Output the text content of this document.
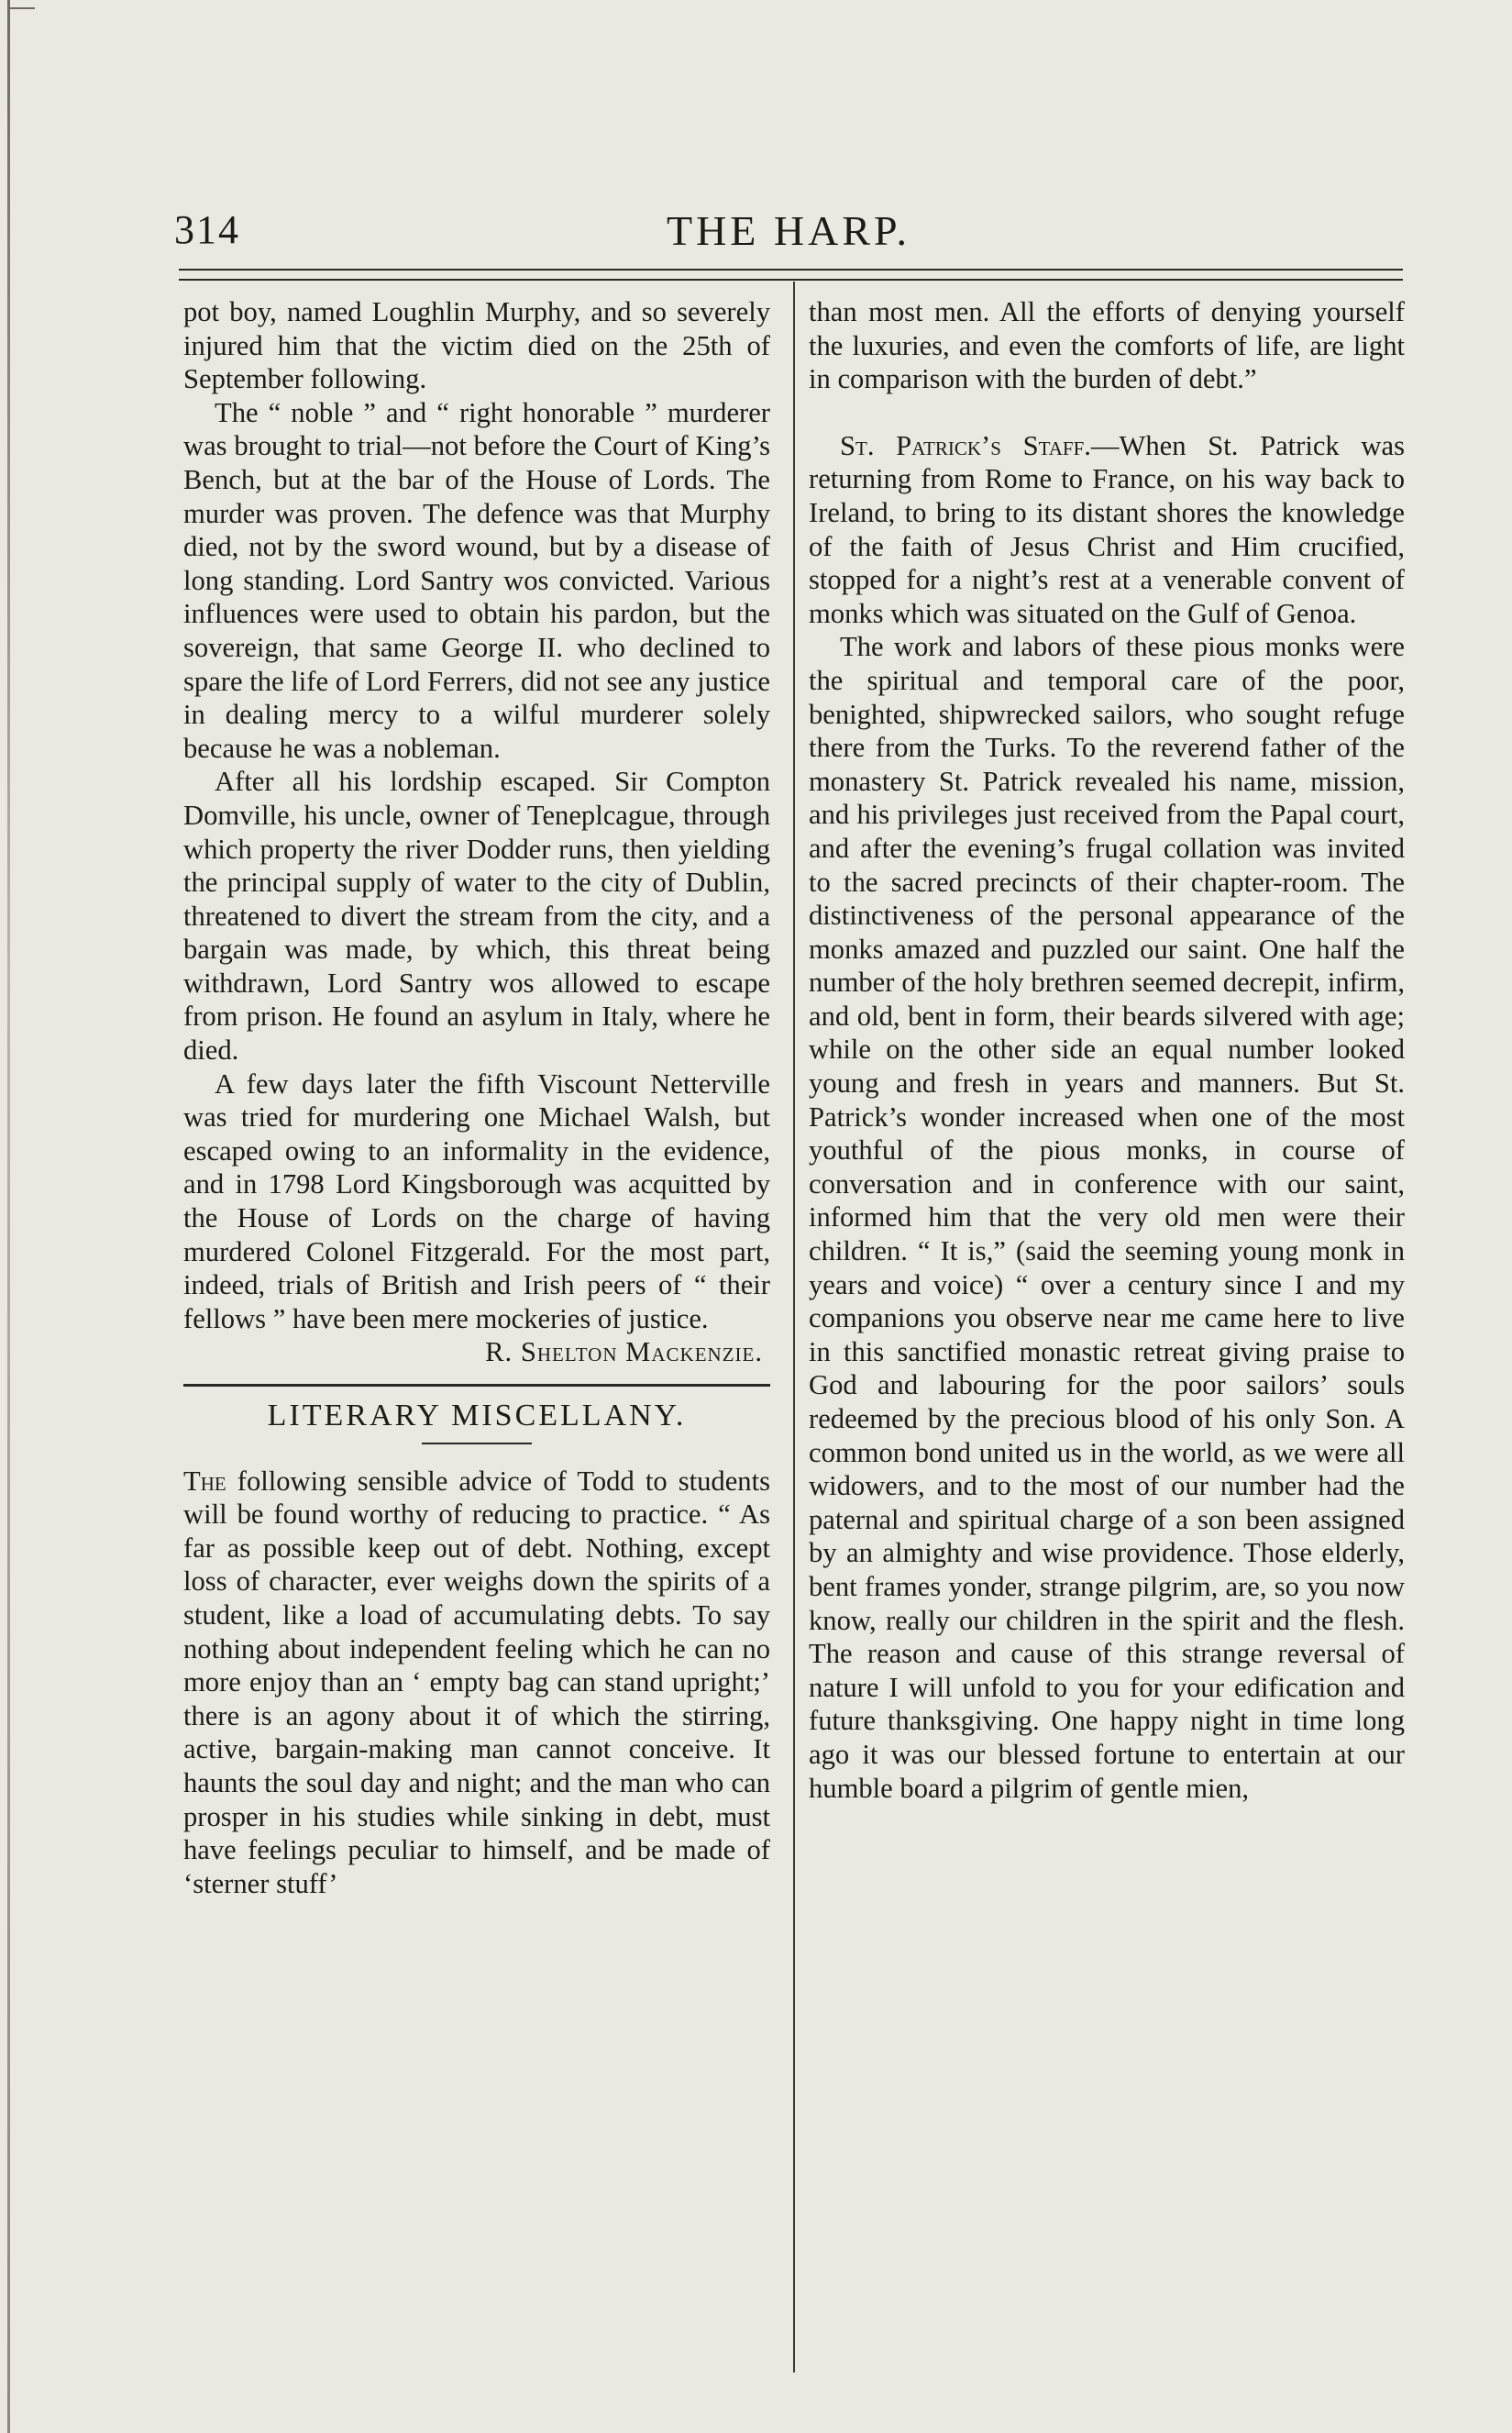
314	THE HARP.

pot boy, named Loughlin Murphy, and so severely injured him that the victim died on the 25th of September following.

The “ noble ” and “ right honorable ” murderer was brought to trial—not before the Court of King’s Bench, but at the bar of the House of Lords. The murder was proven. The defence was that Murphy died, not by the sword wound, but by a disease of long standing. Lord Santry wos convicted. Various influences were used to obtain his pardon, but the sovereign, that same George II. who declined to spare the life of Lord Ferrers, did not see any justice in dealing mercy to a wilful murderer solely because he was a nobleman.

After all his lordship escaped. Sir Compton Domville, his uncle, owner of Teneplcague, through which property the river Dodder runs, then yielding the principal supply of water to the city of Dublin, threatened to divert the stream from the city, and a bargain was made, by which, this threat being withdrawn, Lord Santry wos allowed to escape from prison. He found an asylum in Italy, where he died.

A few days later the fifth Viscount Netterville was tried for murdering one Michael Walsh, but escaped owing to an informality in the evidence, and in 1798 Lord Kingsborough was acquitted by the House of Lords on the charge of having murdered Colonel Fitzgerald. For the most part, indeed, trials of British and Irish peers of “ their fellows ” have been mere mockeries of justice.

R. Shelton Mackenzie.

LITERARY MISCELLANY.

The following sensible advice of Todd to students will be found worthy of reducing to practice. “ As far as possible keep out of debt. Nothing, except loss of character, ever weighs down the spirits of a student, like a load of accumulating debts. To say nothing about independent feeling which he can no more enjoy than an ‘ empty bag can stand upright;’ there is an agony about it of which the stirring, active, bargain-making man cannot conceive. It haunts the soul day and night; and the man who can prosper in his studies while sinking in debt, must have feelings peculiar to himself, and be made of ‘sterner stuff’

than most men. All the efforts of denying yourself the luxuries, and even the comforts of life, are light in comparison with the burden of debt.”

St. Patrick’s Staff.—When St. Patrick was returning from Rome to France, on his way back to Ireland, to bring to its distant shores the knowledge of the faith of Jesus Christ and Him crucified, stopped for a night’s rest at a venerable convent of monks which was situated on the Gulf of Genoa.

The work and labors of these pious monks were the spiritual and temporal care of the poor, benighted, shipwrecked sailors, who sought refuge there from the Turks. To the reverend father of the monastery St. Patrick revealed his name, mission, and his privileges just received from the Papal court, and after the evening’s frugal collation was invited to the sacred precincts of their chapter-room. The distinctiveness of the personal appearance of the monks amazed and puzzled our saint. One half the number of the holy brethren seemed decrepit, infirm, and old, bent in form, their beards silvered with age; while on the other side an equal number looked young and fresh in years and manners. But St. Patrick’s wonder increased when one of the most youthful of the pious monks, in course of conversation and in conference with our saint, informed him that the very old men were their children. “ It is,” (said the seeming young monk in years and voice) “ over a century since I and my companions you observe near me came here to live in this sanctified monastic retreat giving praise to God and labouring for the poor sailors’ souls redeemed by the precious blood of his only Son. A common bond united us in the world, as we were all widowers, and to the most of our number had the paternal and spiritual charge of a son been assigned by an almighty and wise providence. Those elderly, bent frames yonder, strange pilgrim, are, so you now know, really our children in the spirit and the flesh. The reason and cause of this strange reversal of nature I will unfold to you for your edification and future thanksgiving. One happy night in time long ago it was our blessed fortune to entertain at our humble board a pilgrim of gentle mien,
